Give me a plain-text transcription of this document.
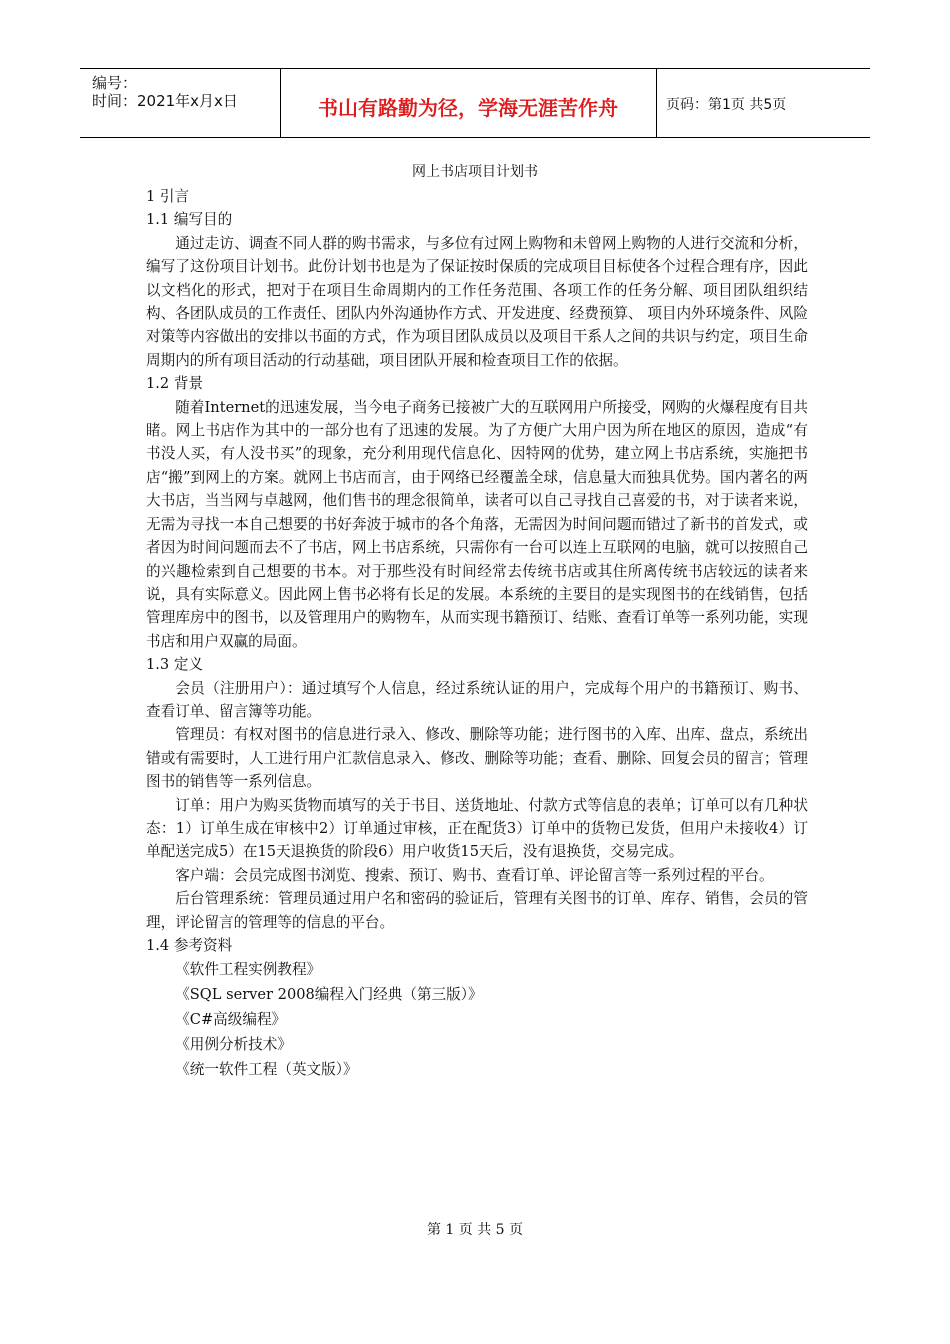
编号：
时间：2021年x月x日	书山有路勤为径，学海无涯苦作舟	页码：第1页 共5页
网上书店项目计划书

1 引言

1.1 编写目的

通过走访、调查不同人群的购书需求，与多位有过网上购物和未曾网上购物的人进行交流和分析，编写了这份项目计划书。此份计划书也是为了保证按时保质的完成项目目标使各个过程合理有序，因此以文档化的形式，把对于在项目生命周期内的工作任务范围、各项工作的任务分解、项目团队组织结构、各团队成员的工作责任、团队内外沟通协作方式、开发进度、经费预算、 项目内外环境条件、风险对策等内容做出的安排以书面的方式，作为项目团队成员以及项目干系人之间的共识与约定，项目生命周期内的所有项目活动的行动基础，项目团队开展和检查项目工作的依据。

1.2 背景

随着Internet的迅速发展，当今电子商务已接被广大的互联网用户所接受，网购的火爆程度有目共睹。网上书店作为其中的一部分也有了迅速的发展。为了方便广大用户因为所在地区的原因，造成“有书没人买，有人没书买”的现象，充分利用现代信息化、因特网的优势，建立网上书店系统，实施把书店“搬”到网上的方案。就网上书店而言，由于网络已经覆盖全球，信息量大而独具优势。国内著名的两大书店，当当网与卓越网，他们售书的理念很简单，读者可以自己寻找自己喜爱的书，对于读者来说，无需为寻找一本自己想要的书好奔波于城市的各个角落，无需因为时间问题而错过了新书的首发式，或者因为时间问题而去不了书店，网上书店系统，只需你有一台可以连上互联网的电脑，就可以按照自己的兴趣检索到自己想要的书本。对于那些没有时间经常去传统书店或其住所离传统书店较远的读者来说，具有实际意义。因此网上售书必将有长足的发展。本系统的主要目的是实现图书的在线销售，包括管理库房中的图书，以及管理用户的购物车，从而实现书籍预订、结账、查看订单等一系列功能，实现书店和用户双赢的局面。

1.3 定义

会员（注册用户）：通过填写个人信息，经过系统认证的用户，完成每个用户的书籍预订、购书、查看订单、留言簿等功能。

管理员：有权对图书的信息进行录入、修改、删除等功能；进行图书的入库、出库、盘点，系统出错或有需要时，人工进行用户汇款信息录入、修改、删除等功能；查看、删除、回复会员的留言；管理图书的销售等一系列信息。

订单：用户为购买货物而填写的关于书目、送货地址、付款方式等信息的表单；订单可以有几种状态：1）订单生成在审核中2）订单通过审核，正在配货3）订单中的货物已发货，但用户未接收4）订单配送完成5）在15天退换货的阶段6）用户收货15天后，没有退换货，交易完成。

客户端：会员完成图书浏览、搜索、预订、购书、查看订单、评论留言等一系列过程的平台。

后台管理系统：管理员通过用户名和密码的验证后，管理有关图书的订单、库存、销售，会员的管理，评论留言的管理等的信息的平台。

1.4 参考资料

《软件工程实例教程》

《SQL server 2008编程入门经典（第三版）》

《C#高级编程》

《用例分析技术》

《统一软件工程（英文版）》

第 1 页 共 5 页
